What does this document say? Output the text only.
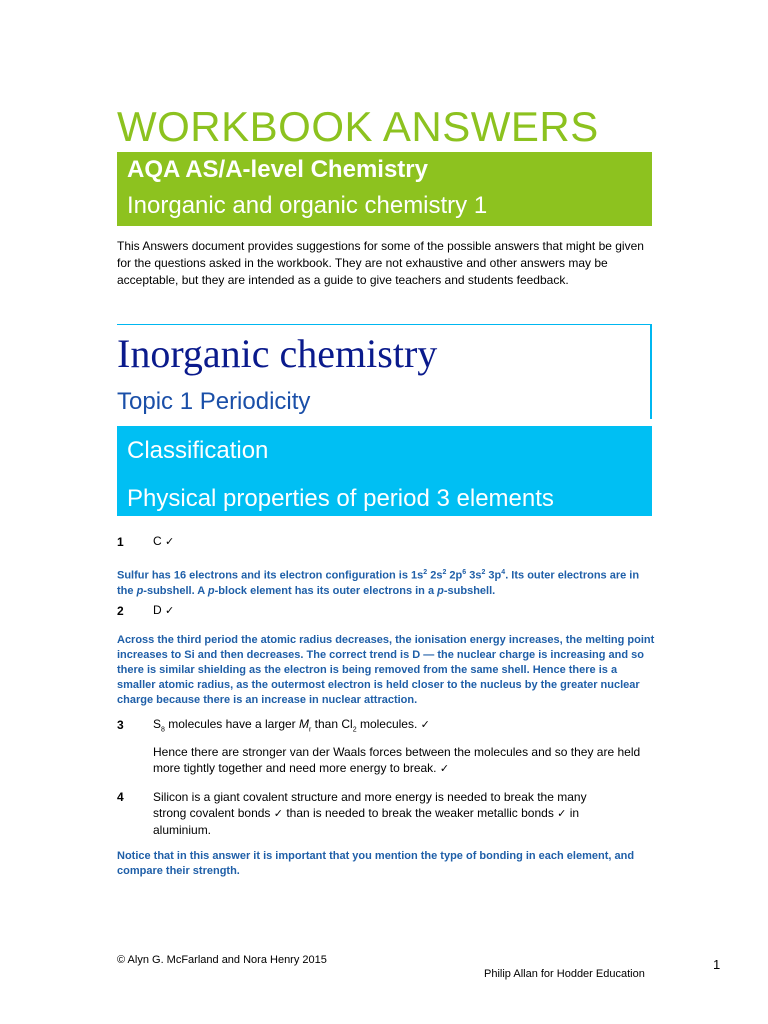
WORKBOOK ANSWERS
AQA AS/A-level Chemistry
Inorganic and organic chemistry 1
This Answers document provides suggestions for some of the possible answers that might be given for the questions asked in the workbook. They are not exhaustive and other answers may be acceptable, but they are intended as a guide to give teachers and students feedback.
Inorganic chemistry
Topic 1 Periodicity
Classification
Physical properties of period 3 elements
1 C ✓
Sulfur has 16 electrons and its electron configuration is $1s^2$ $2s^2$ $2p^6$ $3s^2$ $3p^4$. Its outer electrons are in the p-subshell. A p-block element has its outer electrons in a p-subshell.
2 D ✓
Across the third period the atomic radius decreases, the ionisation energy increases, the melting point increases to Si and then decreases. The correct trend is D — the nuclear charge is increasing and so there is similar shielding as the electron is being removed from the same shell. Hence there is a smaller atomic radius, as the outermost electron is held closer to the nucleus by the greater nuclear charge because there is an increase in nuclear attraction.
3 $S_8$ molecules have a larger $M_r$ than $Cl_2$ molecules. ✓
Hence there are stronger van der Waals forces between the molecules and so they are held more tightly together and need more energy to break. ✓
4 Silicon is a giant covalent structure and more energy is needed to break the many strong covalent bonds ✓ than is needed to break the weaker metallic bonds ✓ in aluminium.
Notice that in this answer it is important that you mention the type of bonding in each element, and compare their strength.
© Alyn G. McFarland and Nora Henry 2015
Philip Allan for Hodder Education
1
